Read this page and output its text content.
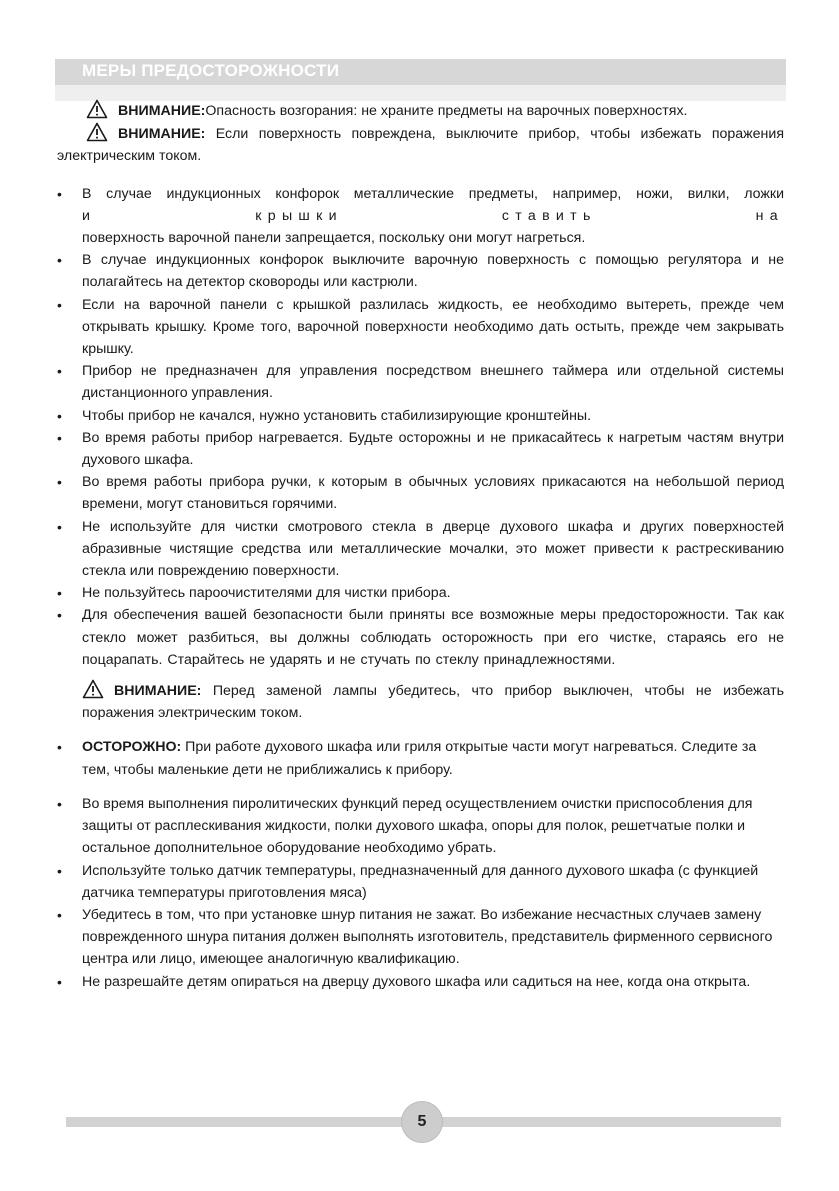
МЕРЫ ПРЕДОСТОРОЖНОСТИ

ВНИМАНИЕ:Опасность возгорания: не храните предметы на варочных поверхностях.

ВНИМАНИЕ: Если поверхность повреждена, выключите прибор, чтобы избежать поражения электрическим током.

• В случае индукционных конфорок металлические предметы, например, ножи, вилки, ложки
и крышки ставить на
поверхность варочной панели запрещается, поскольку они могут нагреться.
• В случае индукционных конфорок выключите варочную поверхность с помощью регулятора и не полагайтесь на детектор сковороды или кастрюли.
• Если на варочной панели с крышкой разлилась жидкость, ее необходимо вытереть, прежде чем открывать крышку. Кроме того, варочной поверхности необходимо дать остыть, прежде чем закрывать крышку.
• Прибор не предназначен для управления посредством внешнего таймера или отдельной системы дистанционного управления.
• Чтобы прибор не качался, нужно установить стабилизирующие кронштейны.
• Во время работы прибор нагревается. Будьте осторожны и не прикасайтесь к нагретым частям внутри духового шкафа.
• Во время работы прибора ручки, к которым в обычных условиях прикасаются на небольшой период времени, могут становиться горячими.
• Не используйте для чистки смотрового стекла в дверце духового шкафа и других поверхностей абразивные чистящие средства или металлические мочалки, это может привести к растрескиванию стекла или повреждению поверхности.
• Не пользуйтесь пароочистителями для чистки прибора.
• Для обеспечения вашей безопасности были приняты все возможные меры предосторожности. Так как стекло может разбиться, вы должны соблюдать осторожность при его чистке, стараясь его не поцарапать. Старайтесь не ударять и не стучать по стеклу принадлежностями.

ВНИМАНИЕ: Перед заменой лампы убедитесь, что прибор выключен, чтобы не избежать поражения электрическим током.

• ОСТОРОЖНО: При работе духового шкафа или гриля открытые части могут нагреваться. Следите за тем, чтобы маленькие дети не приближались к прибору.
• Во время выполнения пиролитических функций перед осуществлением очистки приспособления для защиты от расплескивания жидкости, полки духового шкафа, опоры для полок, решетчатые полки и остальное дополнительное оборудование необходимо убрать.
• Используйте только датчик температуры, предназначенный для данного духового шкафа (с функцией датчика температуры приготовления мяса)
• Убедитесь в том, что при установке шнур питания не зажат. Во избежание несчастных случаев замену поврежденного шнура питания должен выполнять изготовитель, представитель фирменного сервисного центра или лицо, имеющее аналогичную квалификацию.
• Не разрешайте детям опираться на дверцу духового шкафа или садиться на нее, когда она открыта.
5
